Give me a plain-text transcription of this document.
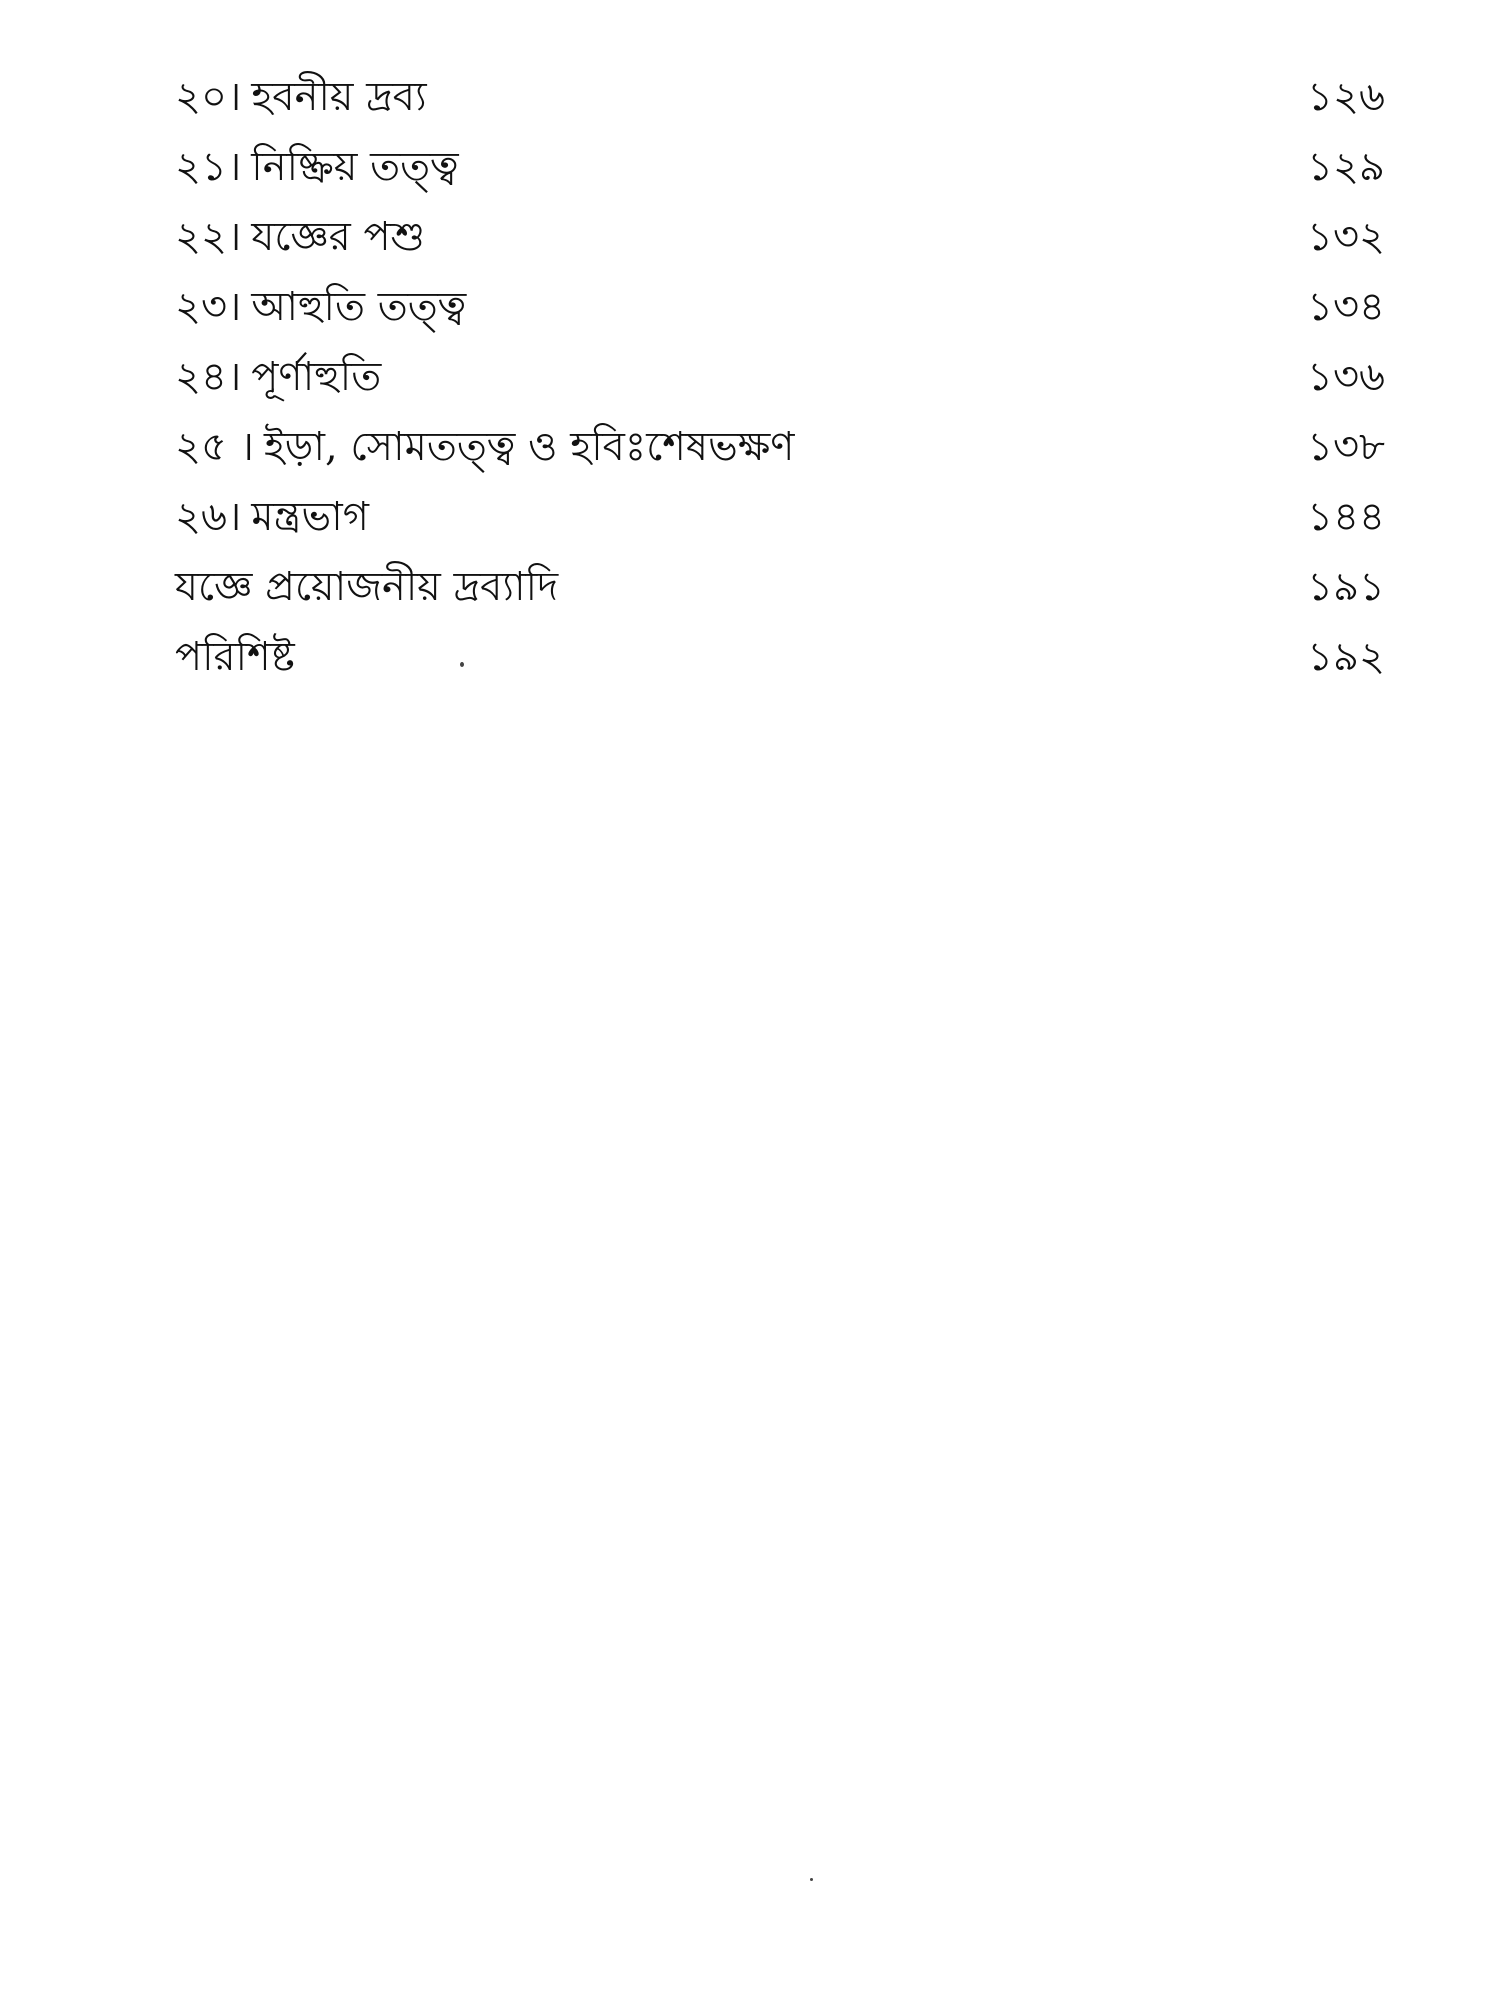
২০। হবনীয় দ্রব্য	১২৬
২১। নিষ্ক্রিয় তত্ত্ব	১২৯
২২। যজ্ঞের পশু	১৩২
২৩। আহুতি তত্ত্ব	১৩৪
২৪। পূর্ণাহুতি	১৩৬
২৫ । ইড়া, সোমতত্ত্ব ও হবিঃশেষভক্ষণ	১৩৮
২৬। মন্ত্রভাগ	১৪৪
যজ্ঞে প্রয়োজনীয় দ্রব্যাদি	১৯১
পরিশিষ্ট	১৯২
